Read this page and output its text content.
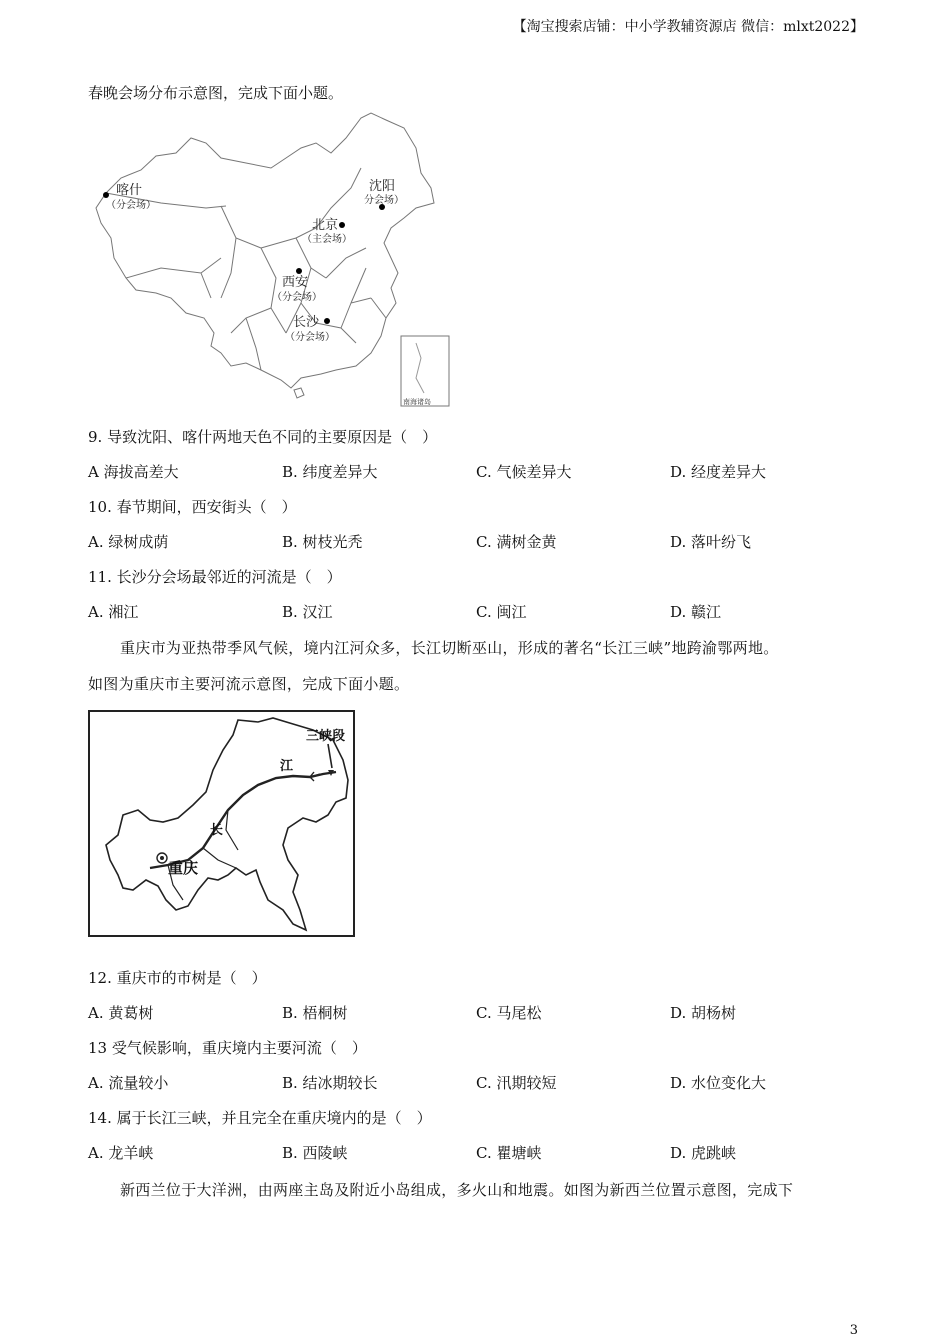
【淘宝搜索店铺：中小学教辅资源店 微信：mlxt2022】
春晚会场分布示意图，完成下面小题。
南海诸岛
喀什
（分会场）
沈阳
分会场）
北京
（主会场）
西安
（分会场）
长沙
（分会场）
9. 导致沈阳、喀什两地天色不同的主要原因是（　）
A 海拔高差大	B. 纬度差异大	C. 气候差异大	D. 经度差异大
10. 春节期间，西安街头（　）
A. 绿树成荫	B. 树枝光秃	C. 满树金黄	D. 落叶纷飞
11. 长沙分会场最邻近的河流是（　）
A. 湘江	B. 汉江	C. 闽江	D. 赣江
重庆市为亚热带季风气候，境内江河众多，长江切断巫山，形成的著名“长江三峡”地跨渝鄂两地。
如图为重庆市主要河流示意图，完成下面小题。
三峡段
江
长
重庆
12. 重庆市的市树是（　）
A. 黄葛树	B. 梧桐树	C. 马尾松	D. 胡杨树
13 受气候影响，重庆境内主要河流（　）
A. 流量较小	B. 结冰期较长	C. 汛期较短	D. 水位变化大
14. 属于长江三峡，并且完全在重庆境内的是（　）
A. 龙羊峡	B. 西陵峡	C. 瞿塘峡	D. 虎跳峡
新西兰位于大洋洲，由两座主岛及附近小岛组成，多火山和地震。如图为新西兰位置示意图，完成下
3
